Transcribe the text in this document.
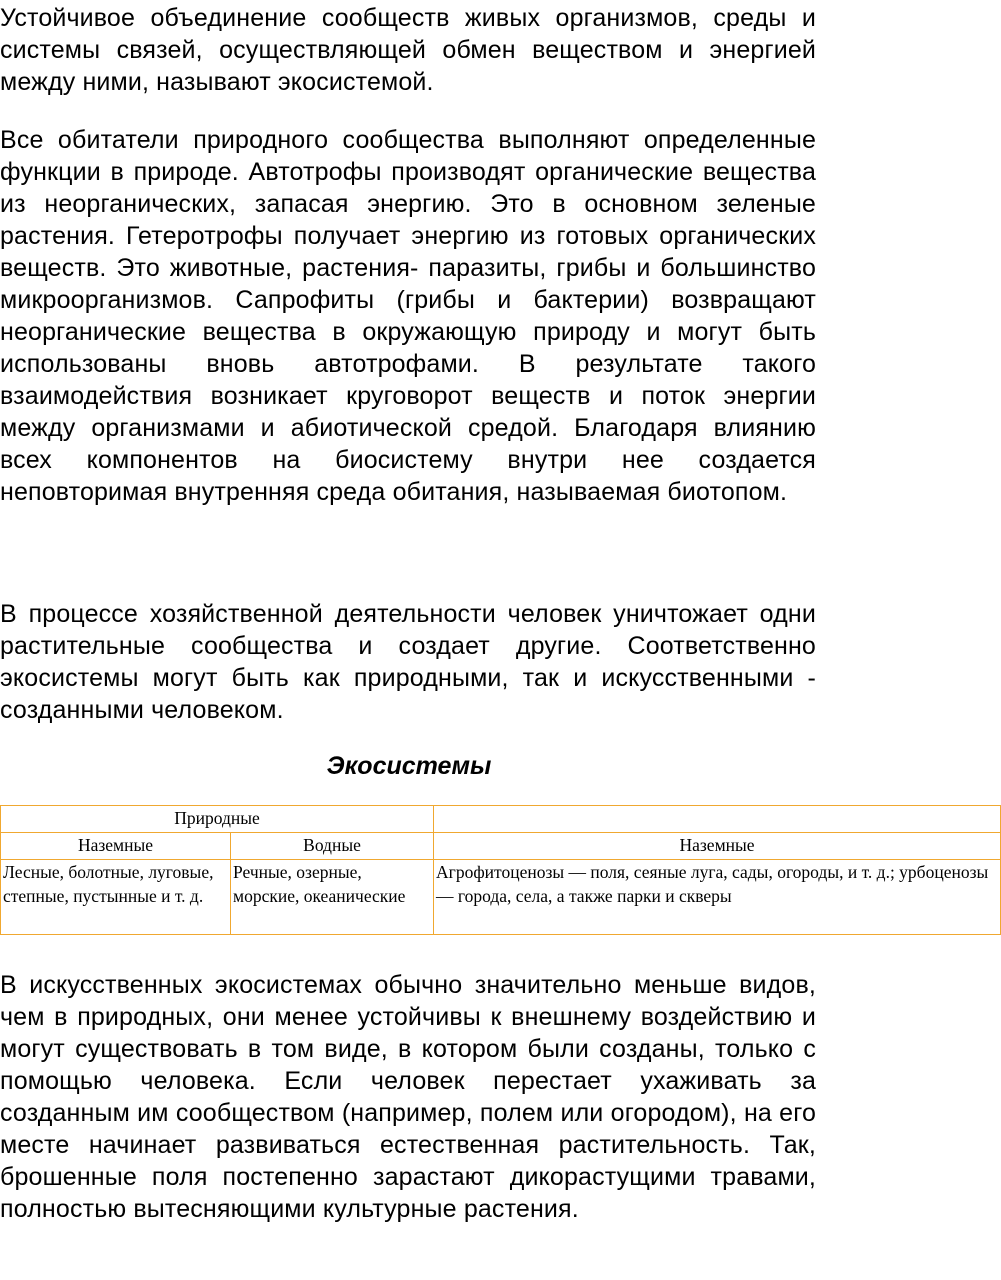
Устойчивое объединение сообществ живых организмов, среды и системы связей, осуществляющей обмен веществом и энергией между ними, называют экосистемой.

Все обитатели природного сообщества выполняют определенные функции в природе. Автотрофы производят органические вещества из неорганических, запасая энергию. Это в основном зеленые растения. Гетеротрофы получает энергию из готовых органических веществ. Это животные, растения- паразиты, грибы и большинство микроорганизмов. Сапрофиты (грибы и бактерии) возвращают неорганические вещества в окружающую природу и могут быть использованы вновь автотрофами. В результате такого взаимодействия возникает круговорот веществ и поток энергии между организмами и абиотической средой. Благодаря влиянию всех компонентов на биосистему внутри нее создается неповторимая внутренняя среда обитания, называемая биотопом.

В процессе хозяйственной деятельности человек уничтожает одни растительные сообщества и создает другие. Соответственно экосистемы могут быть как природными, так и искусственными - созданными человеком.

Экосистемы
Природные		
Наземные	Водные	Наземные
Лесные, болотные, луговые, степные, пустынные и т. д.	Речные, озерные, морские, океанические	Агрофитоценозы — поля, сеяные луга, сады, огороды, и т. д.; урбоценозы — города, села, а также парки и скверы

В искусственных экосистемах обычно значительно меньше видов, чем в природных, они менее устойчивы к внешнему воздействию и могут существовать в том виде, в котором были созданы, только с помощью человека. Если человек перестает ухаживать за созданным им сообществом (например, полем или огородом), на его месте начинает развиваться естественная растительность. Так, брошенные поля постепенно зарастают дикорастущими травами, полностью вытесняющими культурные растения.
